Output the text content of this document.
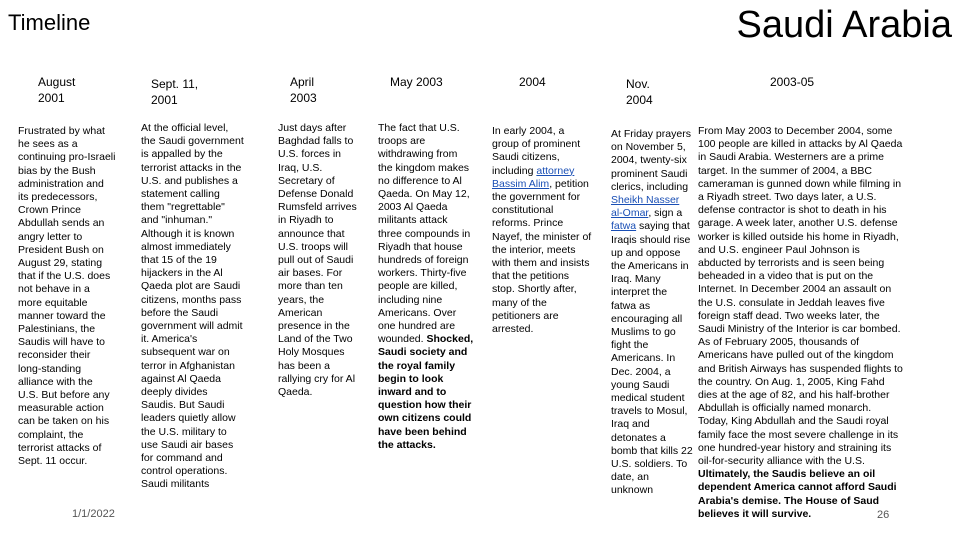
Timeline	Saudi Arabia
August 2001
Frustrated by what he sees as a continuing pro-Israeli bias by the Bush administration and its predecessors, Crown Prince Abdullah sends an angry letter to President Bush on August 29, stating that if the U.S. does not behave in a more equitable manner toward the Palestinians, the Saudis will have to reconsider their long-standing alliance with the U.S. But before any measurable action can be taken on his complaint, the terrorist attacks of Sept. 11 occur.
Sept. 11, 2001
At the official level, the Saudi government is appalled by the terrorist attacks in the U.S. and publishes a statement calling them "regrettable" and "inhuman." Although it is known almost immediately that 15 of the 19 hijackers in the Al Qaeda plot are Saudi citizens, months pass before the Saudi government will admit it. America's subsequent war on terror in Afghanistan against Al Qaeda deeply divides Saudis. But Saudi leaders quietly allow the U.S. military to use Saudi air bases for command and control operations. Saudi militants
April 2003
Just days after Baghdad falls to U.S. forces in Iraq, U.S. Secretary of Defense Donald Rumsfeld arrives in Riyadh to announce that U.S. troops will pull out of Saudi air bases. For more than ten years, the American presence in the Land of the Two Holy Mosques has been a rallying cry for Al Qaeda.
May 2003
The fact that U.S. troops are withdrawing from the kingdom makes no difference to Al Qaeda. On May 12, 2003 Al Qaeda militants attack three compounds in Riyadh that house hundreds of foreign workers. Thirty-five people are killed, including nine Americans. Over one hundred are wounded. Shocked, Saudi society and the royal family begin to look inward and to question how their own citizens could have been behind the attacks.
2004
In early 2004, a group of prominent Saudi citizens, including attorney Bassim Alim, petition the government for constitutional reforms. Prince Nayef, the minister of the interior, meets with them and insists that the petitions stop. Shortly after, many of the petitioners are arrested.
Nov. 2004
At Friday prayers on November 5, 2004, twenty-six prominent Saudi clerics, including Sheikh Nasser al-Omar, sign a fatwa saying that Iraqis should rise up and oppose the Americans in Iraq. Many interpret the fatwa as encouraging all Muslims to go fight the Americans. In Dec. 2004, a young Saudi medical student travels to Mosul, Iraq and detonates a bomb that kills 22 U.S. soldiers. To date, an unknown
2003-05
From May 2003 to December 2004, some 100 people are killed in attacks by Al Qaeda in Saudi Arabia. Westerners are a prime target. In the summer of 2004, a BBC cameraman is gunned down while filming in a Riyadh street. Two days later, a U.S. defense contractor is shot to death in his garage. A week later, another U.S. defense worker is killed outside his home in Riyadh, and U.S. engineer Paul Johnson is abducted by terrorists and is seen being beheaded in a video that is put on the Internet. In December 2004 an assault on the U.S. consulate in Jeddah leaves five foreign staff dead. Two weeks later, the Saudi Ministry of the Interior is car bombed. As of February 2005, thousands of Americans have pulled out of the kingdom and British Airways has suspended flights to the country. On Aug. 1, 2005, King Fahd dies at the age of 82, and his half-brother Abdullah is officially named monarch. Today, King Abdullah and the Saudi royal family face the most severe challenge in its one hundred-year history and straining its oil-for-security alliance with the U.S. Ultimately, the Saudis believe an oil dependent America cannot afford Saudi Arabia's demise. The House of Saud believes it will survive.
1/1/2022	26
